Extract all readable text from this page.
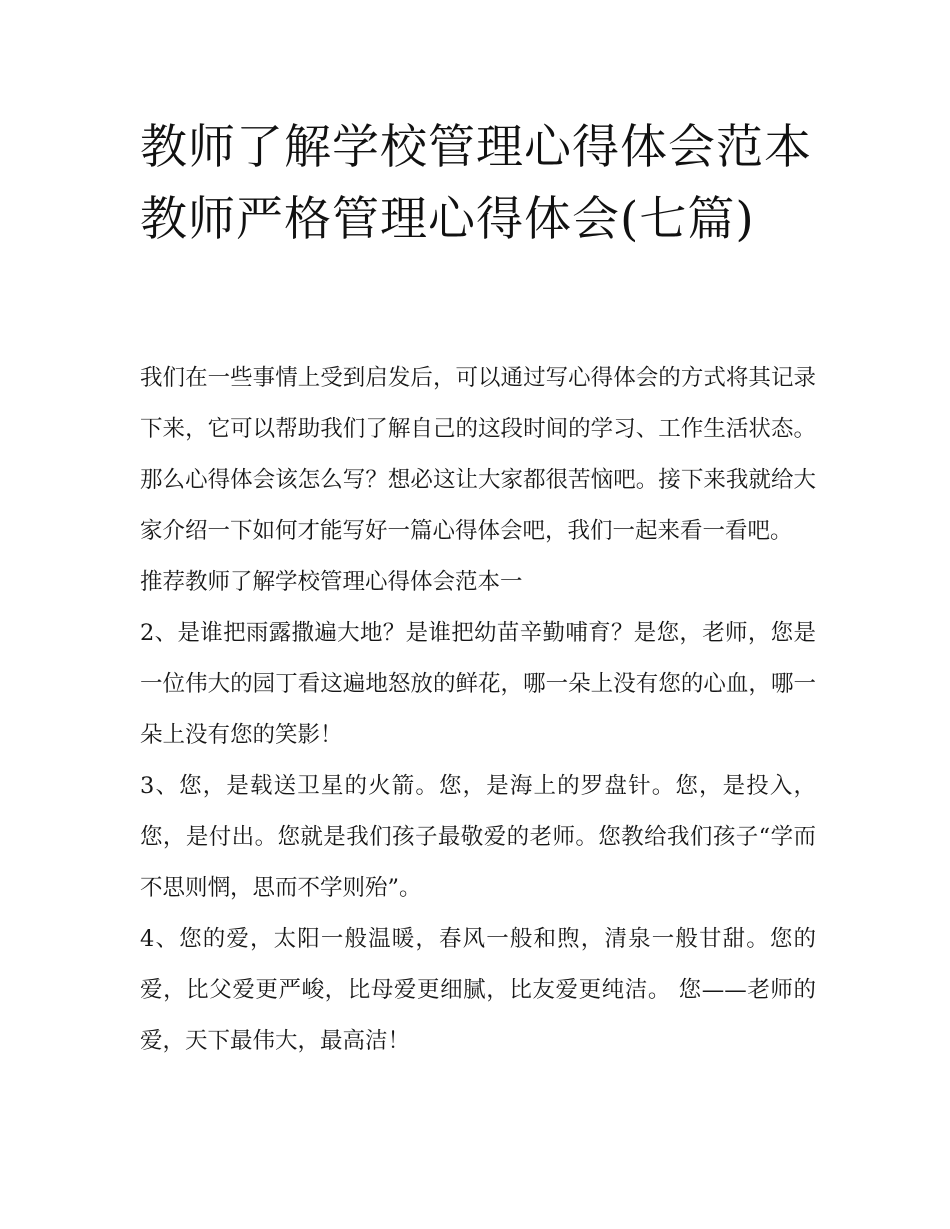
教师了解学校管理心得体会范本 教师严格管理心得体会(七篇)

我们在一些事情上受到启发后，可以通过写心得体会的方式将其记录下来，它可以帮助我们了解自己的这段时间的学习、工作生活状态。那么心得体会该怎么写？想必这让大家都很苦恼吧。接下来我就给大家介绍一下如何才能写好一篇心得体会吧，我们一起来看一看吧。

推荐教师了解学校管理心得体会范本一

2、是谁把雨露撒遍大地？是谁把幼苗辛勤哺育？是您，老师，您是一位伟大的园丁看这遍地怒放的鲜花，哪一朵上没有您的心血，哪一朵上没有您的笑影！

3、您，是载送卫星的火箭。您，是海上的罗盘针。您，是投入，您，是付出。您就是我们孩子最敬爱的老师。您教给我们孩子“学而不思则惘，思而不学则殆”。

4、您的爱，太阳一般温暖，春风一般和煦，清泉一般甘甜。您的爱，比父爱更严峻，比母爱更细腻，比友爱更纯洁。 您——老师的爱，天下最伟大，最高洁！
